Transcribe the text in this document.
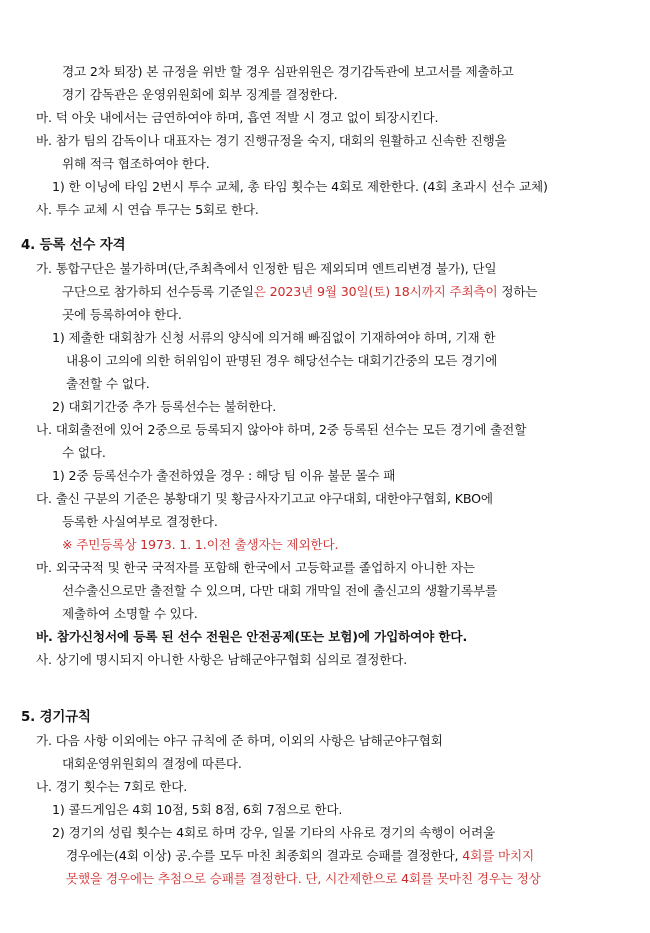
경고 2차 퇴장) 본 규정을 위반 할 경우 심판위원은 경기감독관에 보고서를 제출하고
경기 감독관은 운영위원회에 회부 징계를 결정한다.
마. 덕 아웃 내에서는 금연하여야 하며, 흡연 적발 시 경고 없이 퇴장시킨다.
바. 참가 팀의 감독이나 대표자는 경기 진행규정을 숙지, 대회의 원활하고 신속한 진행을
위해 적극 협조하여야 한다.
1) 한 이닝에 타임 2번시 투수 교체, 총 타임 횟수는 4회로 제한한다. (4회 초과시 선수 교체)
사. 투수 교체 시 연습 투구는 5회로 한다.
4. 등록 선수 자격
가. 통합구단은 불가하며(단,주최측에서 인정한 팀은 제외되며 엔트리변경 불가), 단일
구단으로 참가하되 선수등록 기준일은 2023년 9월 30일(토) 18시까지 주최측이 정하는
곳에 등록하여야 한다.
1) 제출한 대회참가 신청 서류의 양식에 의거해 빠짐없이 기재하여야 하며, 기재 한
내용이 고의에 의한 허위임이 판명된 경우 해당선수는 대회기간중의 모든 경기에
출전할 수 없다.
2) 대회기간중 추가 등록선수는 불허한다.
나. 대회출전에 있어 2중으로 등록되지 않아야 하며, 2중 등록된 선수는 모든 경기에 출전할
수 없다.
1) 2중 등록선수가 출전하였을 경우 : 해당 팀 이유 불문 몰수 패
다. 출신 구분의 기준은 봉황대기 및 황금사자기고교 야구대회, 대한야구협회, KBO에
등록한 사실여부로 결정한다.
※ 주민등록상 1973. 1. 1.이전 출생자는 제외한다.
마. 외국국적 및 한국 국적자를 포함해 한국에서 고등학교를 졸업하지 아니한 자는
선수출신으로만 출전할 수 있으며, 다만 대회 개막일 전에 출신고의 생활기록부를
제출하여 소명할 수 있다.
바. 참가신청서에 등록 된 선수 전원은 안전공제(또는 보험)에 가입하여야 한다.
사. 상기에 명시되지 아니한 사항은 남해군야구협회 심의로 결정한다.
5. 경기규칙
가. 다음 사항 이외에는 야구 규칙에 준 하며, 이외의 사항은 남해군야구협회
대회운영위원회의 결정에 따른다.
나. 경기 횟수는 7회로 한다.
1) 콜드게임은 4회 10점, 5회 8점, 6회 7점으로 한다.
2) 경기의 성립 횟수는 4회로 하며 강우, 일몰 기타의 사유로 경기의 속행이 어려울
경우에는(4회 이상) 공.수를 모두 마친 최종회의 결과로 승패를 결정한다, 4회를 마치지
못했을 경우에는 추첨으로 승패를 결정한다. 단, 시간제한으로 4회를 못마친 경우는 정상
